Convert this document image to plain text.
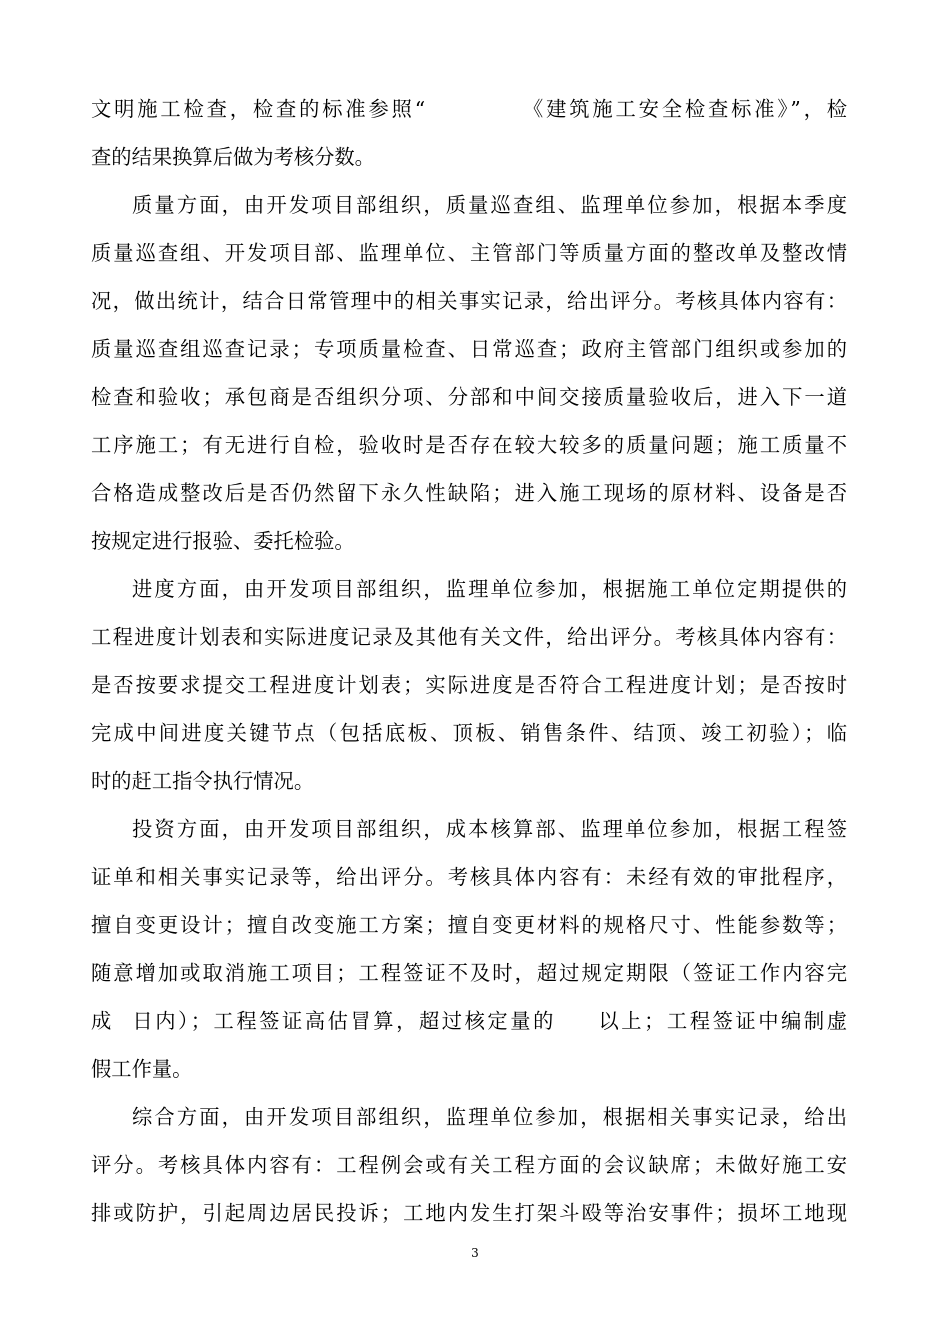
文明施工检查，检查的标准参照“	《建筑施工安全检查标准》”，检
查的结果换算后做为考核分数。
质量方面，由开发项目部组织，质量巡查组、监理单位参加，根据本季度
质量巡查组、开发项目部、监理单位、主管部门等质量方面的整改单及整改情
况，做出统计，结合日常管理中的相关事实记录，给出评分。考核具体内容有：
质量巡查组巡查记录；专项质量检查、日常巡查；政府主管部门组织或参加的
检查和验收；承包商是否组织分项、分部和中间交接质量验收后，进入下一道
工序施工；有无进行自检，验收时是否存在较大较多的质量问题；施工质量不
合格造成整改后是否仍然留下永久性缺陷；进入施工现场的原材料、设备是否
按规定进行报验、委托检验。
进度方面，由开发项目部组织，监理单位参加，根据施工单位定期提供的
工程进度计划表和实际进度记录及其他有关文件，给出评分。考核具体内容有：
是否按要求提交工程进度计划表；实际进度是否符合工程进度计划；是否按时
完成中间进度关键节点（包括底板、顶板、销售条件、结顶、竣工初验）；临
时的赶工指令执行情况。
投资方面，由开发项目部组织，成本核算部、监理单位参加，根据工程签
证单和相关事实记录等，给出评分。考核具体内容有：未经有效的审批程序，
擅自变更设计；擅自改变施工方案；擅自变更材料的规格尺寸、性能参数等；
随意增加或取消施工项目；工程签证不及时，超过规定期限（签证工作内容完
成 日内）；工程签证高估冒算，超过核定量的 以上；工程签证中编制虚
假工作量。
综合方面，由开发项目部组织，监理单位参加，根据相关事实记录，给出
评分。考核具体内容有：工程例会或有关工程方面的会议缺席；未做好施工安
排或防护，引起周边居民投诉；工地内发生打架斗殴等治安事件；损坏工地现
3
